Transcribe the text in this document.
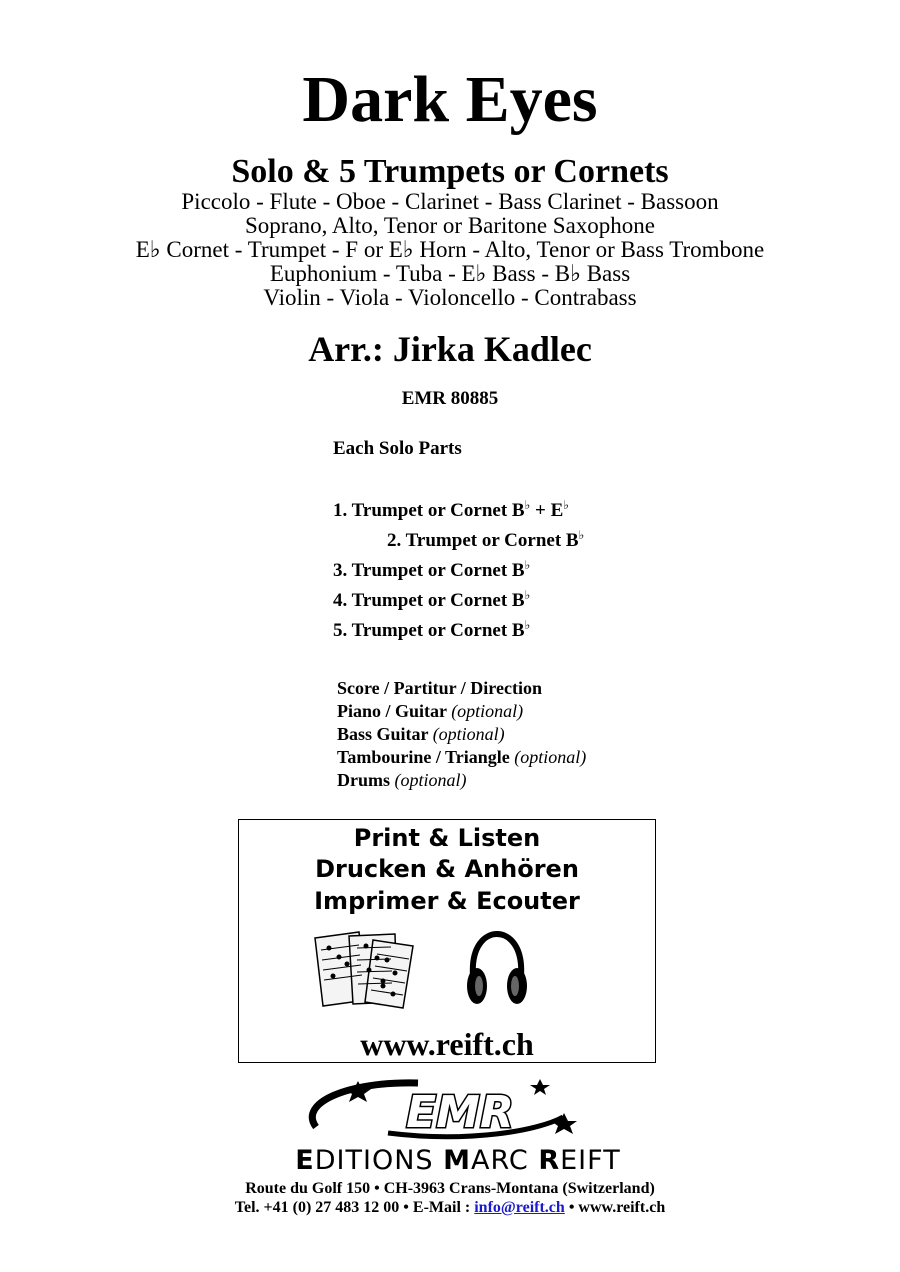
Dark Eyes
Solo & 5 Trumpets or Cornets
Piccolo - Flute - Oboe - Clarinet - Bass Clarinet - Bassoon
Soprano, Alto, Tenor or Baritone Saxophone
E♭ Cornet - Trumpet - F or E♭ Horn - Alto, Tenor or Bass Trombone
Euphonium - Tuba - E♭ Bass - B♭ Bass
Violin - Viola - Violoncello - Contrabass
Arr.: Jirka Kadlec
EMR 80885
Each Solo Parts
1. Trumpet or Cornet B♭ + E♭
2. Trumpet or Cornet B♭
3. Trumpet or Cornet B♭
4. Trumpet or Cornet B♭
5. Trumpet or Cornet B♭
Score / Partitur / Direction
Piano / Guitar (optional)
Bass Guitar (optional)
Tambourine / Triangle (optional)
Drums (optional)
Print & Listen
Drucken & Anhören
Imprimer & Ecouter
www.reift.ch
EMR
EDITIONS MARC REIFT
Route du Golf 150 • CH-3963 Crans-Montana (Switzerland)
Tel. +41 (0) 27 483 12 00 • E-Mail : info@reift.ch • www.reift.ch
